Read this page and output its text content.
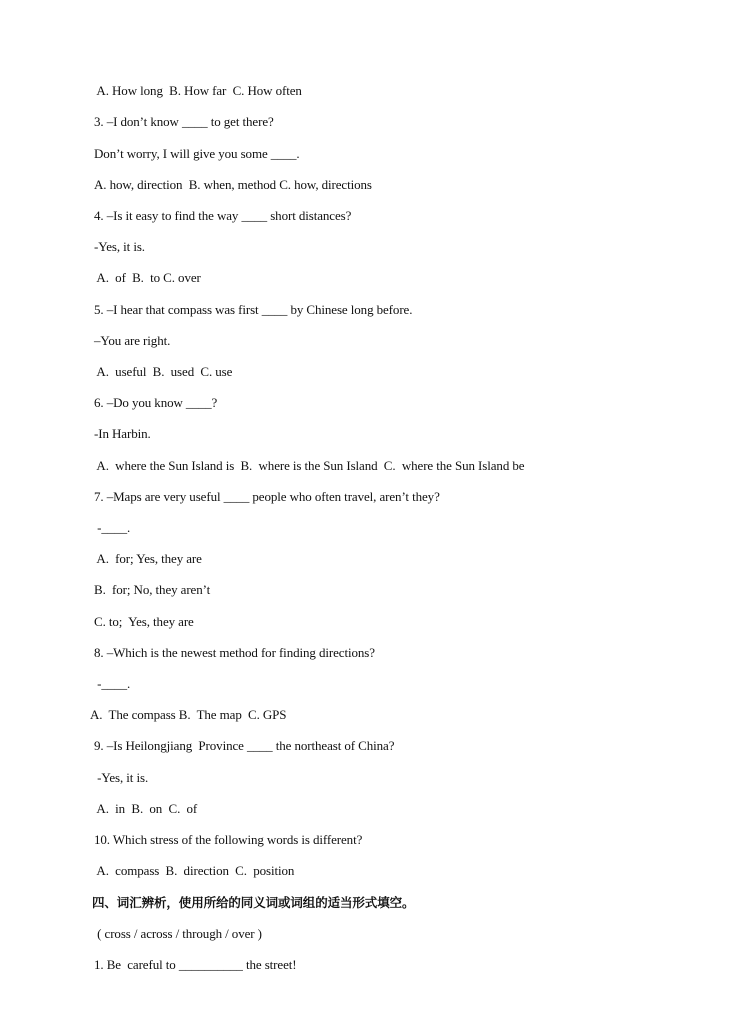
A. How long  B. How far  C. How often
3. –I don’t know ____ to get there?
Don’t worry, I will give you some ____.
A. how, direction  B. when, method C. how, directions
4. –Is it easy to find the way ____ short distances?
-Yes, it is.
A.  of  B.  to C. over
5. –I hear that compass was first ____ by Chinese long before.
–You are right.
A.  useful  B.  used  C. use
6. –Do you know ____?
-In Harbin.
A.  where the Sun Island is  B.  where is the Sun Island  C.  where the Sun Island be
7. –Maps are very useful ____ people who often travel, aren’t they?
-____.
A.  for; Yes, they are
B.  for; No, they aren’t
C. to;  Yes, they are
8. –Which is the newest method for finding directions?
-____.
A.  The compass B.  The map  C. GPS
9. –Is Heilongjiang  Province ____ the northeast of China?
-Yes, it is.
A.  in  B.  on  C.  of
10. Which stress of the following words is different?
A.  compass  B.  direction  C.  position
四、词汇辨析，使用所给的同义词或词组的适当形式填空。
( cross / across / through / over )
1. Be  careful to __________ the street!
